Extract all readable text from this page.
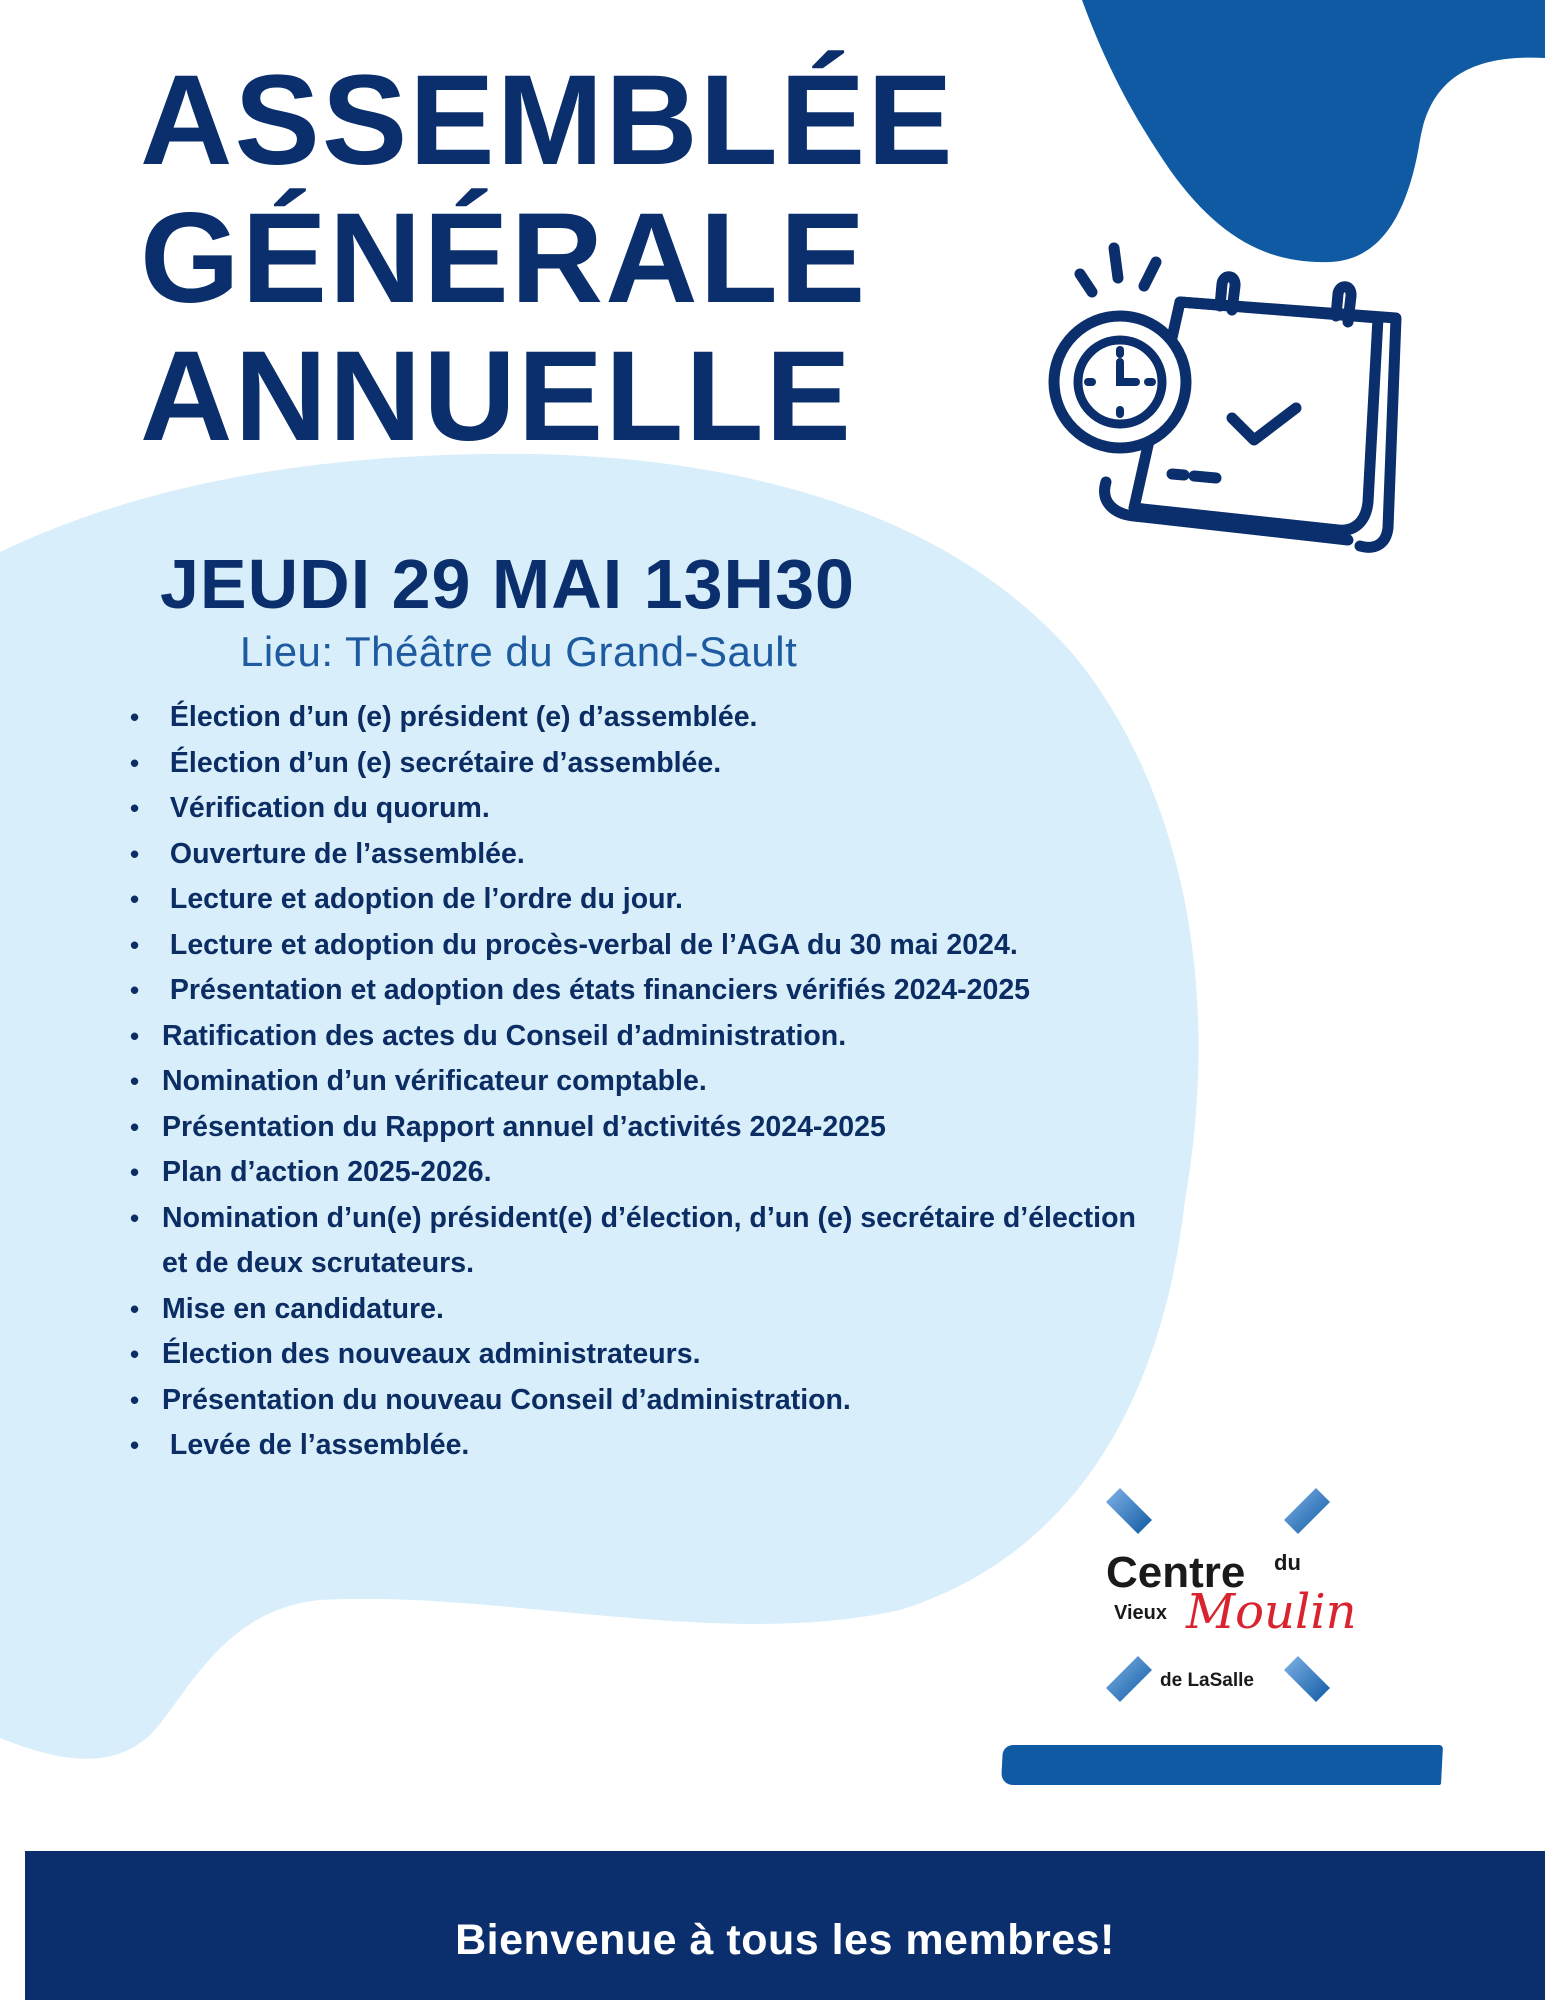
ASSEMBLÉE
GÉNÉRALE
ANNUELLE
JEUDI 29 MAI 13H30

Lieu: Théâtre du Grand-Sault

•  Élection d’un (e) président (e) d’assemblée.
•  Élection d’un (e) secrétaire d’assemblée.
•  Vérification du quorum.
•  Ouverture de l’assemblée.
•  Lecture et adoption de l’ordre du jour.
•  Lecture et adoption du procès-verbal de l’AGA du 30 mai 2024.
•  Présentation et adoption des états financiers vérifiés 2024-2025
• Ratification des actes du Conseil d’administration.
• Nomination d’un vérificateur comptable.
• Présentation du Rapport annuel d’activités 2024-2025
• Plan d’action 2025-2026.
• Nomination d’un(e) président(e) d’élection, d’un (e) secrétaire d’élection et de deux scrutateurs.
• Mise en candidature.
• Élection des nouveaux administrateurs.
• Présentation du nouveau Conseil d’administration.
•  Levée de l’assemblée.
Centre du
Vieux Moulin
de LaSalle
Bienvenue à tous les membres!
